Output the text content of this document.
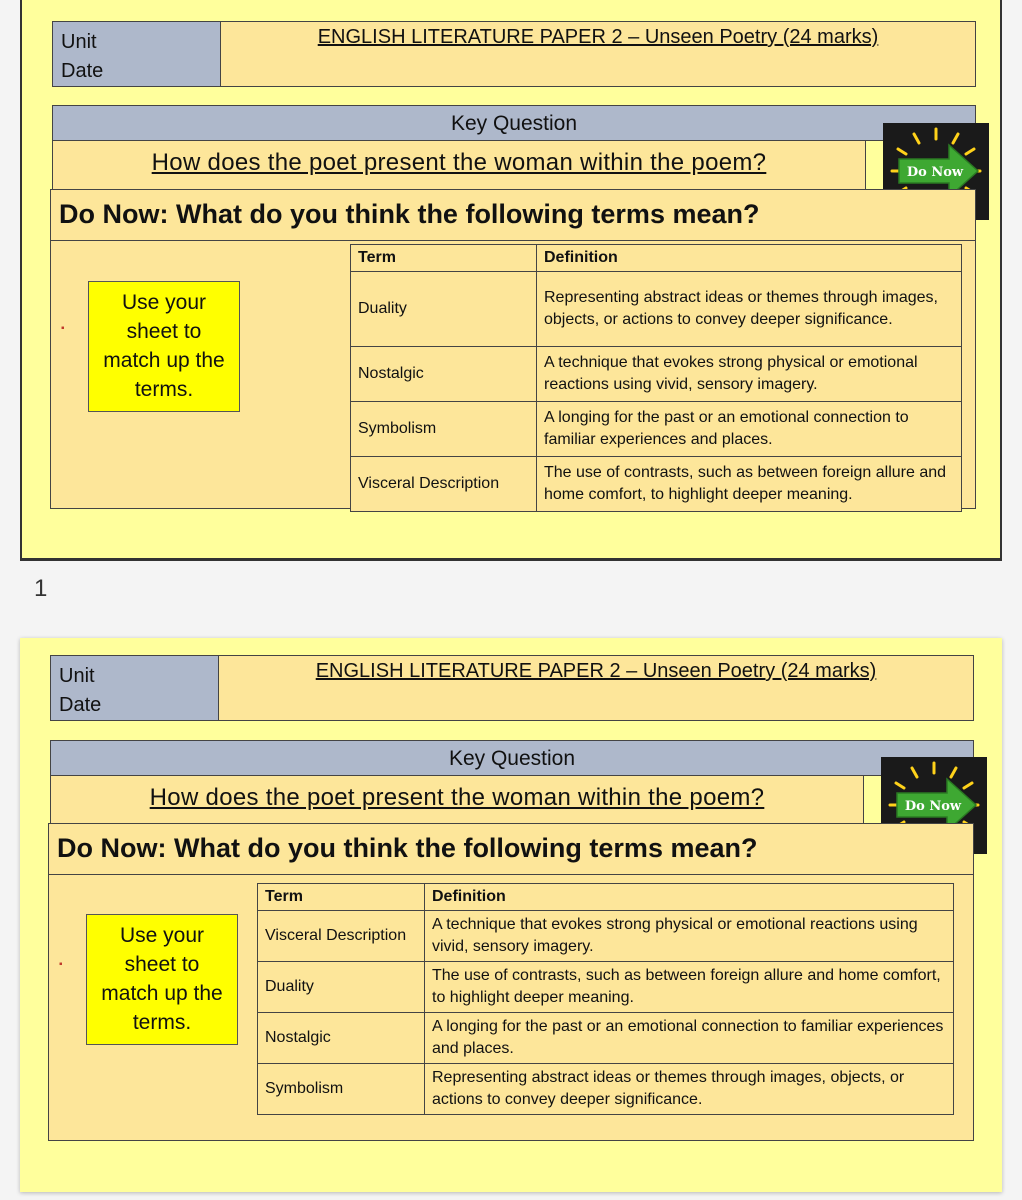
Unit
Date
ENGLISH LITERATURE PAPER 2 – Unseen Poetry (24 marks)
Key Question
How does the poet present the woman within the poem?	Do Now
Do Now: What do you think the following terms mean?
▪
Use your
sheet to
match up the
terms.
Term	Definition
Duality	Representing abstract ideas or themes through images, objects, or actions to convey deeper significance.
Nostalgic	A technique that evokes strong physical or emotional reactions using vivid, sensory imagery.
Symbolism	A longing for the past or an emotional connection to familiar experiences and places.
Visceral Description	The use of contrasts, such as between foreign allure and home comfort, to highlight deeper meaning.
1
Unit
Date
ENGLISH LITERATURE PAPER 2 – Unseen Poetry (24 marks)
Key Question
How does the poet present the woman within the poem?	Do Now
Do Now: What do you think the following terms mean?
▪
Use your
sheet to
match up the
terms.
Term	Definition
Visceral Description	A technique that evokes strong physical or emotional reactions using vivid, sensory imagery.
Duality	The use of contrasts, such as between foreign allure and home comfort, to highlight deeper meaning.
Nostalgic	A longing for the past or an emotional connection to familiar experiences and places.
Symbolism	Representing abstract ideas or themes through images, objects, or actions to convey deeper significance.
